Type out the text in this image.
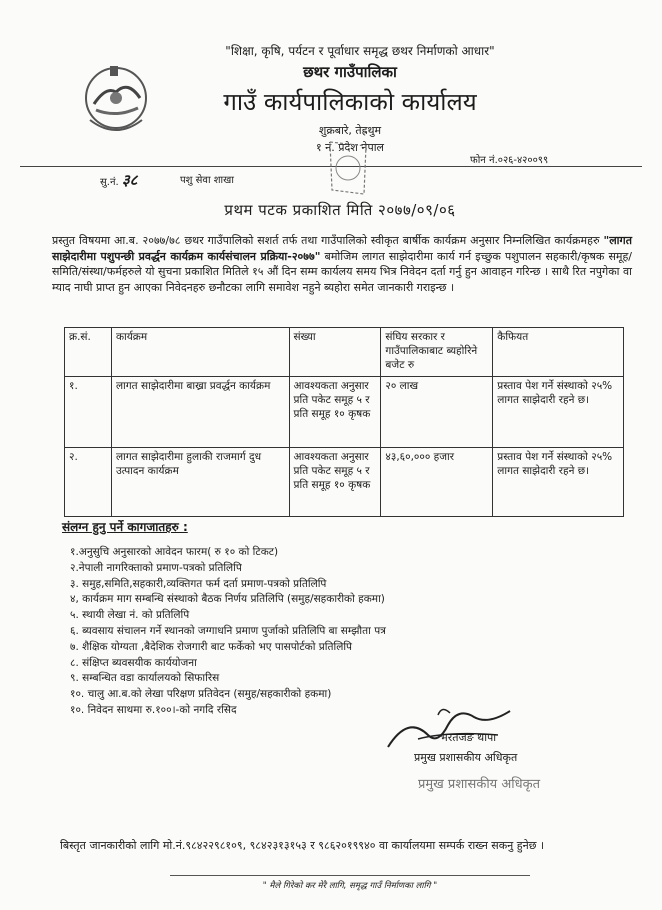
"शिक्षा, कृषि, पर्यटन र पूर्वाधार समृद्ध छथर निर्माणको आधार"
छथर गाउँपालिका
गाउँ कार्यपालिकाको कार्यालय
शुक्रबारे, तेह्रथुम
१ नं. प्रदेश नेपाल
फोन नं.०२६-४२००९९
सु.नं. ३८	पशु सेवा शाखा
प्रथम पटक प्रकाशित मिति २०७७/०९/०६
प्रस्तुत विषयमा आ.ब. २०७७/७८ छथर गाउँपालिको सशर्त तर्फ तथा गाउँपालिको स्वीकृत बार्षीक कार्यक्रम अनुसार निम्नलिखित कार्यक्रमहरु "लागत साझेदारीमा पशुपन्छी प्रवर्द्धन कार्यक्रम कार्यसंचालन प्रक्रिया-२०७७" बमोजिम लागत साझेदारीमा कार्य गर्न इच्छुक पशुपालन सहकारी/कृषक समूह/समिति/संस्था/फर्महरुले यो सुचना प्रकाशित मितिले १५ औं दिन सम्म कार्यलय समय भित्र निवेदन दर्ता गर्नु हुन आवाहन गरिन्छ । साथै रित नपुगेका वा म्याद नाघी प्राप्त हुन आएका निवेदनहरु छनौटका लागि समावेश नहुने ब्यहोरा समेत जानकारी गराइन्छ ।
क्र.सं.	कार्यक्रम	संख्या	संघिय सरकार र गाउँपालिकाबाट ब्यहोरिने बजेट रु	कैफियत
१.	लागत साझेदारीमा बाख्रा प्रवर्द्धन कार्यक्रम	आवश्यकता अनुसार प्रति पकेट समूह ५ र प्रति समूह १० कृषक	२० लाख	प्रस्ताव पेश गर्ने संस्थाको २५% लागत साझेदारी रहने छ।
२.	लागत साझेदारीमा हुलाकी राजमार्ग दुध उत्पादन कार्यक्रम	आवश्यकता अनुसार प्रति पकेट समूह ५ र प्रति समूह १० कृषक	४३,६०,००० हजार	प्रस्ताव पेश गर्ने संस्थाको २५% लागत साझेदारी रहने छ।
संलग्न हुनु पर्ने कागजातहरु :
१.अनुसुचि अनुसारको आवेदन फारम( रु १० को टिकट)
२.नेपाली नागरिक्ताको प्रमाण-पत्रको प्रतिलिपि
३. समुह,समिति,सहकारी,व्यक्तिगत फर्म दर्ता प्रमाण-पत्रको प्रतिलिपि
४, कार्यक्रम माग सम्बन्धि संस्थाको बैठक निर्णय प्रतिलिपि (समुह/सहकारीको हकमा)
५. स्थायी लेखा नं. को प्रतिलिपि
६. ब्यवसाय संचालन गर्ने स्थानको जग्गाधनि प्रमाण पुर्जाको प्रतिलिपि बा सम्झौता पत्र
७. शैक्षिक योग्यता ,बैदेशिक रोजगारी बाट फर्केको भए पासपोर्टको प्रतिलिपि
८. संक्षिप्त ब्यवसयीक कार्ययोजना
९. सम्बन्धित वडा कार्यालयको सिफारिस
१०. चालु आ.ब.को लेखा परिक्षण प्रतिवेदन (समुह/सहकारीको हकमा)
१०. निवेदन साथमा रु.१००।-को नगदि रसिद
भरतजङ थापा
प्रमुख प्रशासकीय अधिकृत
प्रमुख प्रशासकीय अधिकृत
बिस्तृत जानकारीको लागि मो.नं.९८४२२९८१०९, ९८४२३१३१५३ र ९८६२०१९९४० वा कार्यालयमा सम्पर्क राख्न सकनु हुनेछ ।
" मैले गिरेको कर मेरै लागि, समृद्ध गाउँ निर्माणका लागि "
